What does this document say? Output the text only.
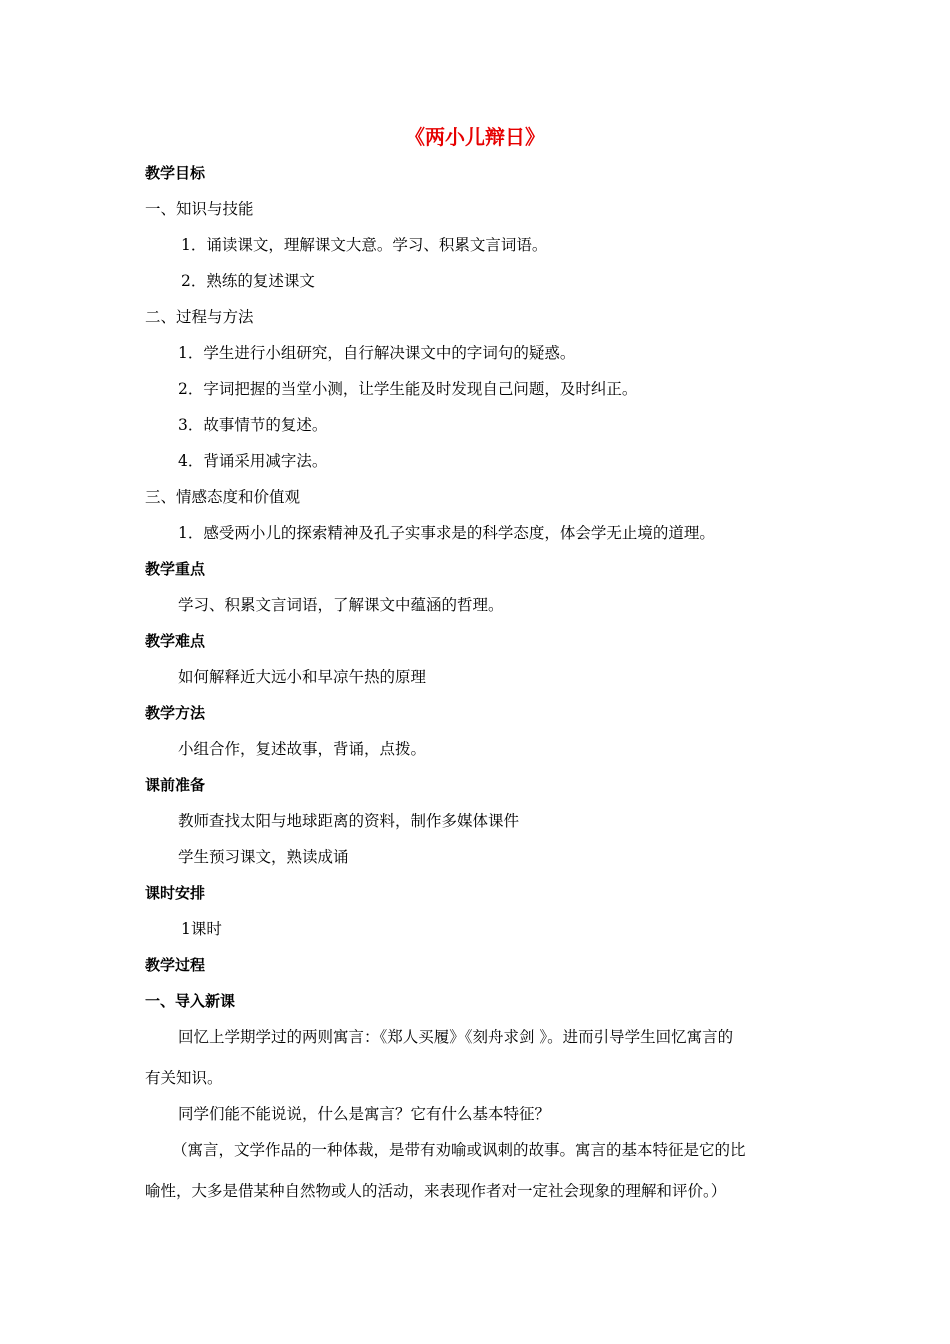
《两小儿辩日》
教学目标
一、知识与技能
1．诵读课文，理解课文大意。学习、积累文言词语。
2．熟练的复述课文
二、过程与方法
1．学生进行小组研究，自行解决课文中的字词句的疑惑。
2．字词把握的当堂小测，让学生能及时发现自己问题，及时纠正。
3．故事情节的复述。
4．背诵采用减字法。
三、情感态度和价值观
1．感受两小儿的探索精神及孔子实事求是的科学态度，体会学无止境的道理。
教学重点
学习、积累文言词语，了解课文中蕴涵的哲理。
教学难点
如何解释近大远小和早凉午热的原理
教学方法
小组合作，复述故事，背诵，点拨。
课前准备
教师查找太阳与地球距离的资料，制作多媒体课件
学生预习课文，熟读成诵
课时安排
1课时
教学过程
一、导入新课
回忆上学期学过的两则寓言：《郑人买履》《刻舟求剑 》。进而引导学生回忆寓言的
有关知识。
同学们能不能说说，什么是寓言？它有什么基本特征？
（寓言，文学作品的一种体裁，是带有劝喻或讽刺的故事。寓言的基本特征是它的比
喻性，大多是借某种自然物或人的活动，来表现作者对一定社会现象的理解和评价。）
